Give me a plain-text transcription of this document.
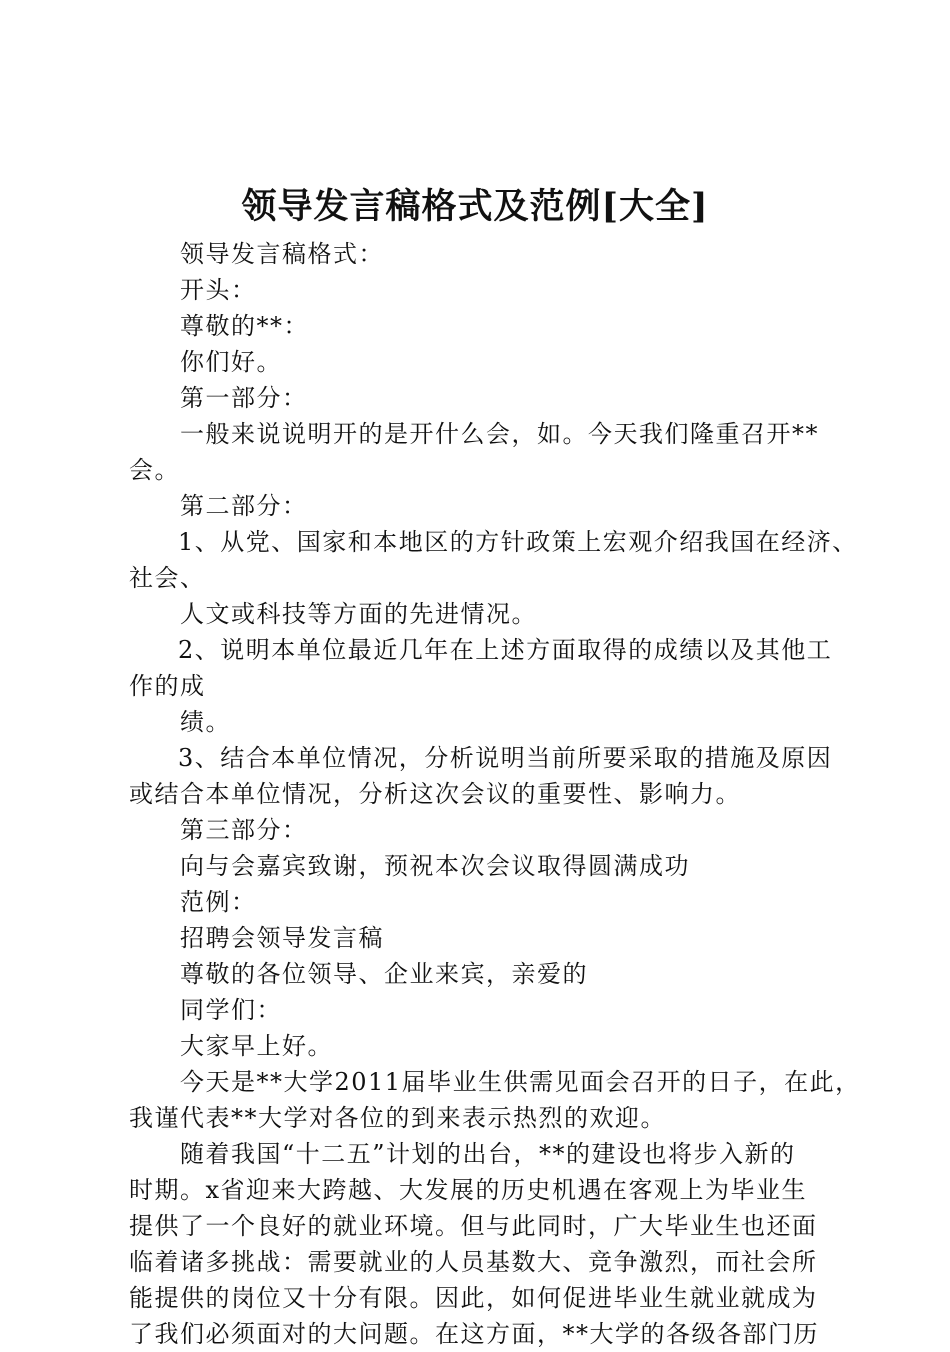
领导发言稿格式及范例[大全]
领导发言稿格式：
开头：
尊敬的**：
你们好。
第一部分：
一般来说说明开的是开什么会，如。今天我们隆重召开**
会。
第二部分：
1、从党、国家和本地区的方针政策上宏观介绍我国在经济、
社会、
人文或科技等方面的先进情况。
2、说明本单位最近几年在上述方面取得的成绩以及其他工
作的成
绩。
3、结合本单位情况，分析说明当前所要采取的措施及原因
或结合本单位情况，分析这次会议的重要性、影响力。
第三部分：
向与会嘉宾致谢，预祝本次会议取得圆满成功
范例：
招聘会领导发言稿
尊敬的各位领导、企业来宾，亲爱的
同学们：
大家早上好。
今天是**大学2011届毕业生供需见面会召开的日子，在此，
我谨代表**大学对各位的到来表示热烈的欢迎。
随着我国“十二五”计划的出台，**的建设也将步入新的
时期。x省迎来大跨越、大发展的历史机遇在客观上为毕业生
提供了一个良好的就业环境。但与此同时，广大毕业生也还面
临着诸多挑战：需要就业的人员基数大、竞争激烈，而社会所
能提供的岗位又十分有限。因此，如何促进毕业生就业就成为
了我们必须面对的大问题。在这方面，**大学的各级各部门历
